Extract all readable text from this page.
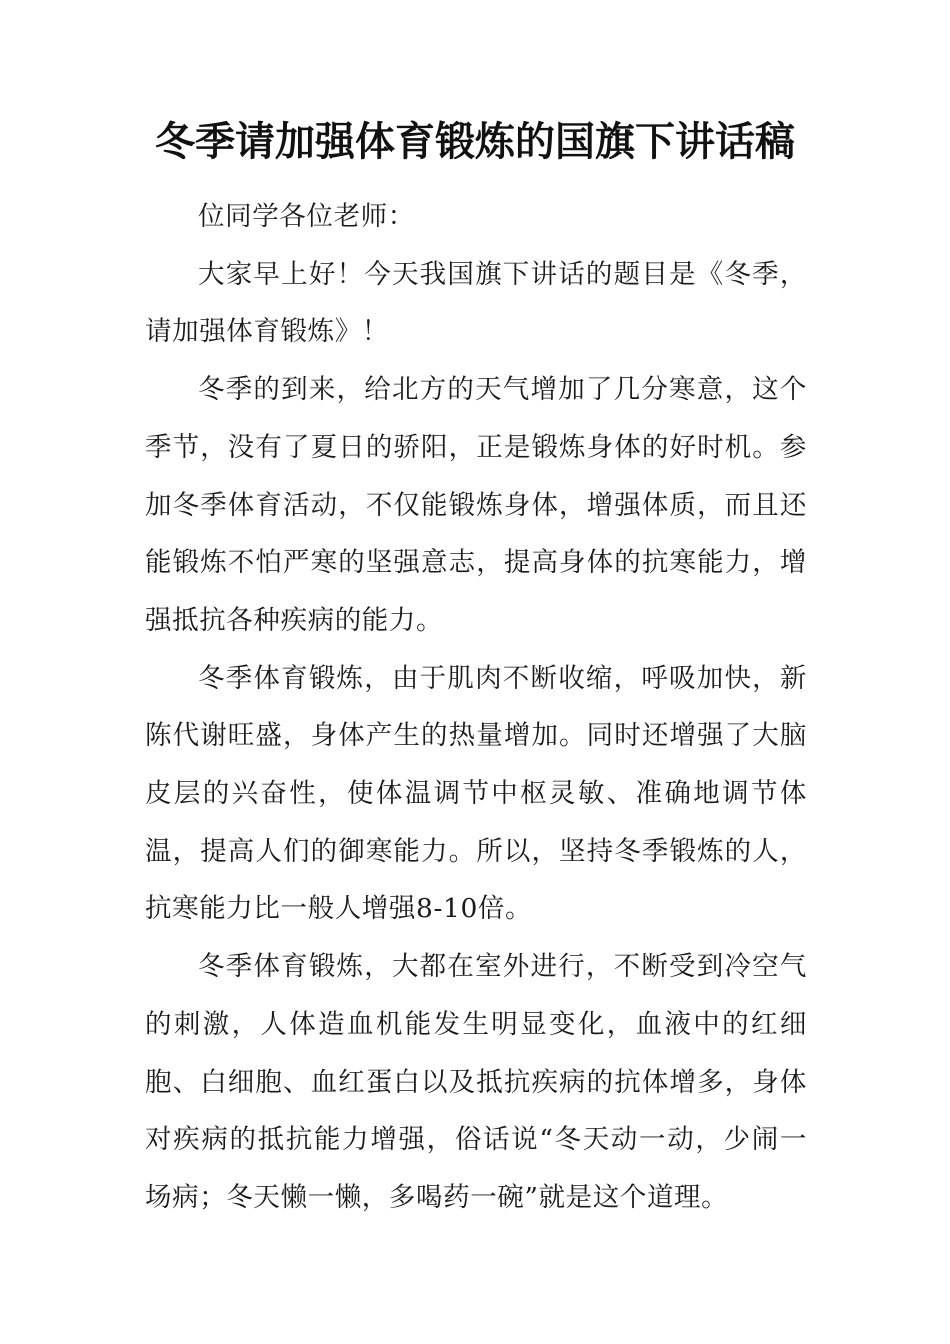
冬季请加强体育锻炼的国旗下讲话稿

位同学各位老师：

大家早上好！今天我国旗下讲话的题目是《冬季，请加强体育锻炼》！

冬季的到来，给北方的天气增加了几分寒意，这个季节，没有了夏日的骄阳，正是锻炼身体的好时机。参加冬季体育活动，不仅能锻炼身体，增强体质，而且还能锻炼不怕严寒的坚强意志，提高身体的抗寒能力，增强抵抗各种疾病的能力。

冬季体育锻炼，由于肌肉不断收缩，呼吸加快，新陈代谢旺盛，身体产生的热量增加。同时还增强了大脑皮层的兴奋性，使体温调节中枢灵敏、准确地调节体温，提高人们的御寒能力。所以，坚持冬季锻炼的人，抗寒能力比一般人增强8-10倍。

冬季体育锻炼，大都在室外进行，不断受到冷空气的刺激，人体造血机能发生明显变化，血液中的红细胞、白细胞、血红蛋白以及抵抗疾病的抗体增多，身体对疾病的抵抗能力增强，俗话说“冬天动一动，少闹一场病；冬天懒一懒，多喝药一碗”就是这个道理。
